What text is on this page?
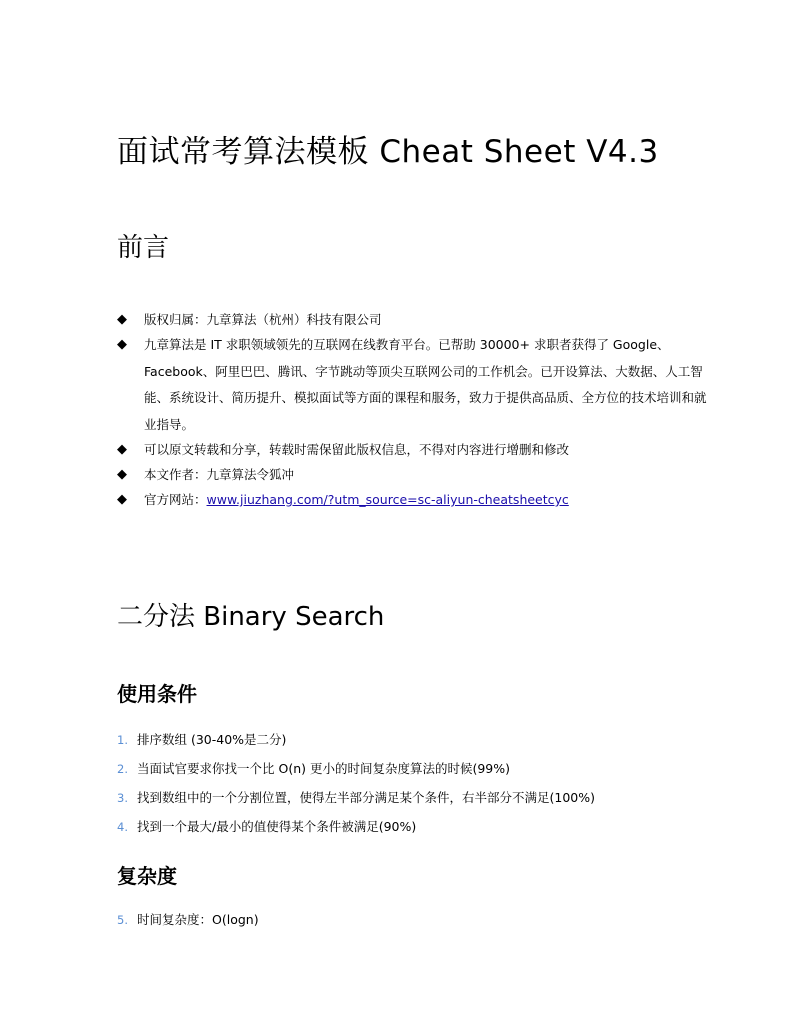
面试常考算法模板 Cheat Sheet V4.3
前言
◆ 版权归属：九章算法（杭州）科技有限公司
◆ 九章算法是 IT 求职领域领先的互联网在线教育平台。已帮助 30000+ 求职者获得了 Google、Facebook、阿里巴巴、腾讯、字节跳动等顶尖互联网公司的工作机会。已开设算法、大数据、人工智能、系统设计、简历提升、模拟面试等方面的课程和服务，致力于提供高品质、全方位的技术培训和就业指导。
◆ 可以原文转载和分享，转载时需保留此版权信息，不得对内容进行增删和修改
◆ 本文作者：九章算法令狐冲
◆ 官方网站：www.jiuzhang.com/?utm_source=sc-aliyun-cheatsheetcyc
二分法 Binary Search
使用条件
1. 排序数组 (30-40%是二分)
2. 当面试官要求你找一个比 O(n) 更小的时间复杂度算法的时候(99%)
3. 找到数组中的一个分割位置，使得左半部分满足某个条件，右半部分不满足(100%)
4. 找到一个最大/最小的值使得某个条件被满足(90%)
复杂度
5. 时间复杂度：O(logn)
